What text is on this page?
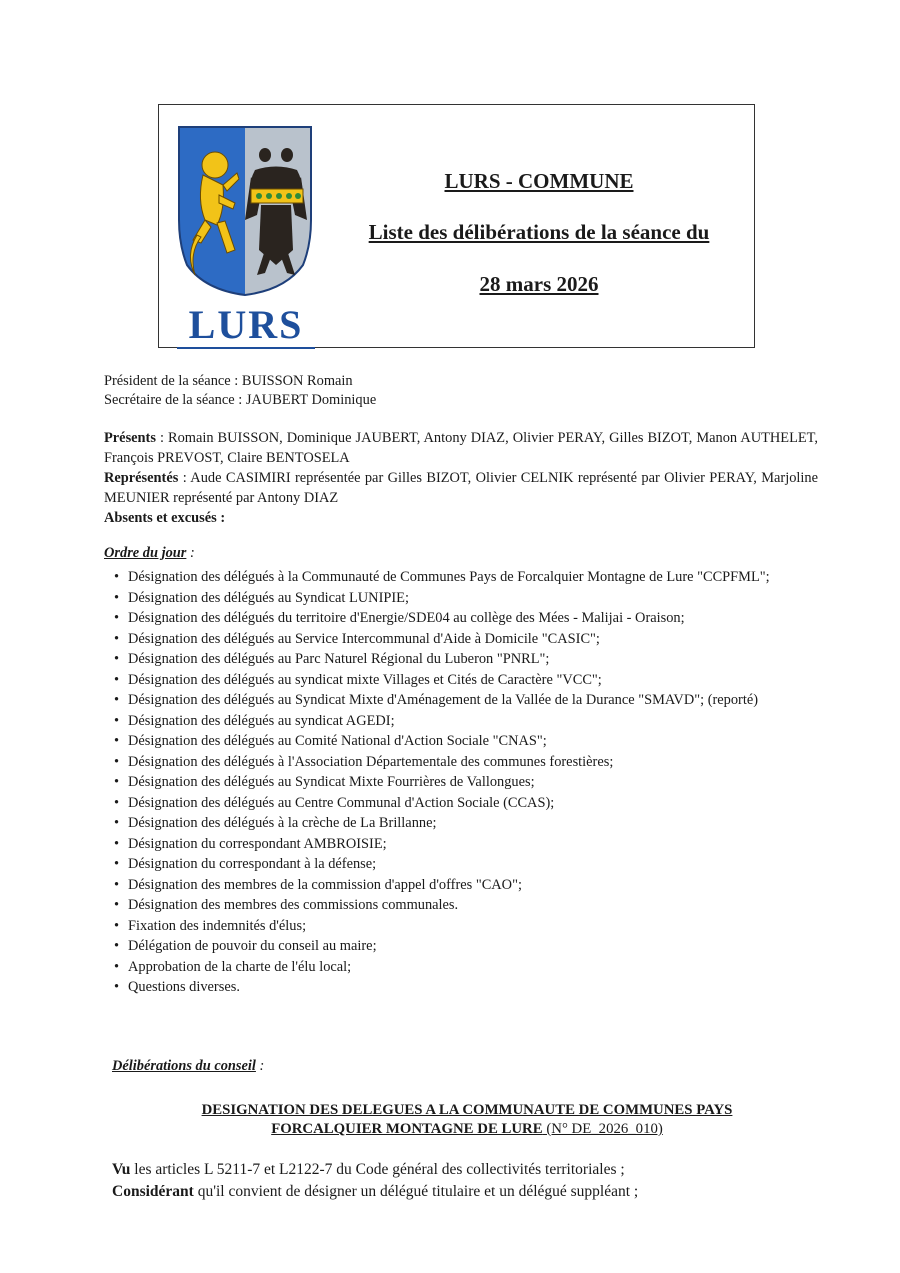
LURS
LURS - COMMUNE
Liste des délibérations de la séance du
28 mars 2026
Président de la séance : BUISSON Romain
Secrétaire de la séance : JAUBERT Dominique
Présents : Romain BUISSON, Dominique JAUBERT, Antony DIAZ, Olivier PERAY, Gilles BIZOT, Manon AUTHELET, François PREVOST, Claire BENTOSELA
Représentés : Aude CASIMIRI représentée par Gilles BIZOT, Olivier CELNIK représenté par Olivier PERAY, Marjoline MEUNIER représenté par Antony DIAZ
Absents et excusés :
Ordre du jour :
• Désignation des délégués à la Communauté de Communes Pays de Forcalquier Montagne de Lure "CCPFML";
• Désignation des délégués au Syndicat LUNIPIE;
• Désignation des délégués du territoire d'Energie/SDE04 au collège des Mées - Malijai - Oraison;
• Désignation des délégués au Service Intercommunal d'Aide à Domicile "CASIC";
• Désignation des délégués au Parc Naturel Régional du Luberon "PNRL";
• Désignation des délégués au syndicat mixte Villages et Cités de Caractère "VCC";
• Désignation des délégués au Syndicat Mixte d'Aménagement de la Vallée de la Durance "SMAVD"; (reporté)
• Désignation des délégués au syndicat AGEDI;
• Désignation des délégués au Comité National d'Action Sociale "CNAS";
• Désignation des délégués à l'Association Départementale des communes forestières;
• Désignation des délégués au Syndicat Mixte Fourrières de Vallongues;
• Désignation des délégués au Centre Communal d'Action Sociale (CCAS);
• Désignation des délégués à la crèche de La Brillanne;
• Désignation du correspondant AMBROISIE;
• Désignation du correspondant à la défense;
• Désignation des membres de la commission d'appel d'offres "CAO";
• Désignation des membres des commissions communales.
• Fixation des indemnités d'élus;
• Délégation de pouvoir du conseil au maire;
• Approbation de la charte de l'élu local;
• Questions diverses.
Délibérations du conseil :
DESIGNATION DES DELEGUES A LA COMMUNAUTE DE COMMUNES PAYS
FORCALQUIER MONTAGNE DE LURE (N° DE_2026_010)
Vu les articles L 5211-7 et L2122-7 du Code général des collectivités territoriales ;
Considérant qu'il convient de désigner un délégué titulaire et un délégué suppléant ;
